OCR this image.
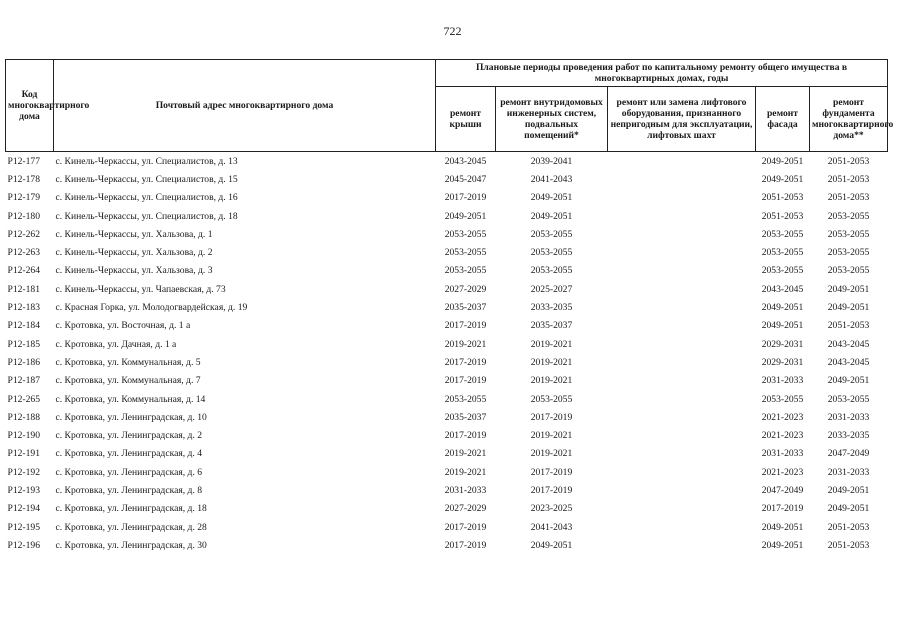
722
Код многоквартирного дома	Почтовый адрес многоквартирного дома	Плановые периоды проведения работ по капитальному ремонту общего имущества в многоквартирных домах, годы				
		ремонт крыши	ремонт внутридомовых инженерных систем, подвальных помещений*	ремонт или замена лифтового оборудования, признанного непригодным для эксплуатации, лифтовых шахт	ремонт фасада	ремонт фундамента многоквартирного дома**
P12-177	с. Кинель-Черкассы, ул. Специалистов, д. 13	2043-2045	2039-2041		2049-2051	2051-2053
P12-178	с. Кинель-Черкассы, ул. Специалистов, д. 15	2045-2047	2041-2043		2049-2051	2051-2053
P12-179	с. Кинель-Черкассы, ул. Специалистов, д. 16	2017-2019	2049-2051		2051-2053	2051-2053
P12-180	с. Кинель-Черкассы, ул. Специалистов, д. 18	2049-2051	2049-2051		2051-2053	2053-2055
P12-262	с. Кинель-Черкассы, ул. Хальзова, д. 1	2053-2055	2053-2055		2053-2055	2053-2055
P12-263	с. Кинель-Черкассы, ул. Хальзова, д. 2	2053-2055	2053-2055		2053-2055	2053-2055
P12-264	с. Кинель-Черкассы, ул. Хальзова, д. 3	2053-2055	2053-2055		2053-2055	2053-2055
P12-181	с. Кинель-Черкассы, ул. Чапаевская, д. 73	2027-2029	2025-2027		2043-2045	2049-2051
P12-183	с. Красная Горка, ул. Молодогвардейская, д. 19	2035-2037	2033-2035		2049-2051	2049-2051
P12-184	с. Кротовка, ул. Восточная, д. 1 а	2017-2019	2035-2037		2049-2051	2051-2053
P12-185	с. Кротовка, ул. Дачная, д. 1 а	2019-2021	2019-2021		2029-2031	2043-2045
P12-186	с. Кротовка, ул. Коммунальная, д. 5	2017-2019	2019-2021		2029-2031	2043-2045
P12-187	с. Кротовка, ул. Коммунальная, д. 7	2017-2019	2019-2021		2031-2033	2049-2051
P12-265	с. Кротовка, ул. Коммунальная, д. 14	2053-2055	2053-2055		2053-2055	2053-2055
P12-188	с. Кротовка, ул. Ленинградская, д. 10	2035-2037	2017-2019		2021-2023	2031-2033
P12-190	с. Кротовка, ул. Ленинградская, д. 2	2017-2019	2019-2021		2021-2023	2033-2035
P12-191	с. Кротовка, ул. Ленинградская, д. 4	2019-2021	2019-2021		2031-2033	2047-2049
P12-192	с. Кротовка, ул. Ленинградская, д. 6	2019-2021	2017-2019		2021-2023	2031-2033
P12-193	с. Кротовка, ул. Ленинградская, д. 8	2031-2033	2017-2019		2047-2049	2049-2051
P12-194	с. Кротовка, ул. Ленинградская, д. 18	2027-2029	2023-2025		2017-2019	2049-2051
P12-195	с. Кротовка, ул. Ленинградская, д. 28	2017-2019	2041-2043		2049-2051	2051-2053
P12-196	с. Кротовка, ул. Ленинградская, д. 30	2017-2019	2049-2051		2049-2051	2051-2053
